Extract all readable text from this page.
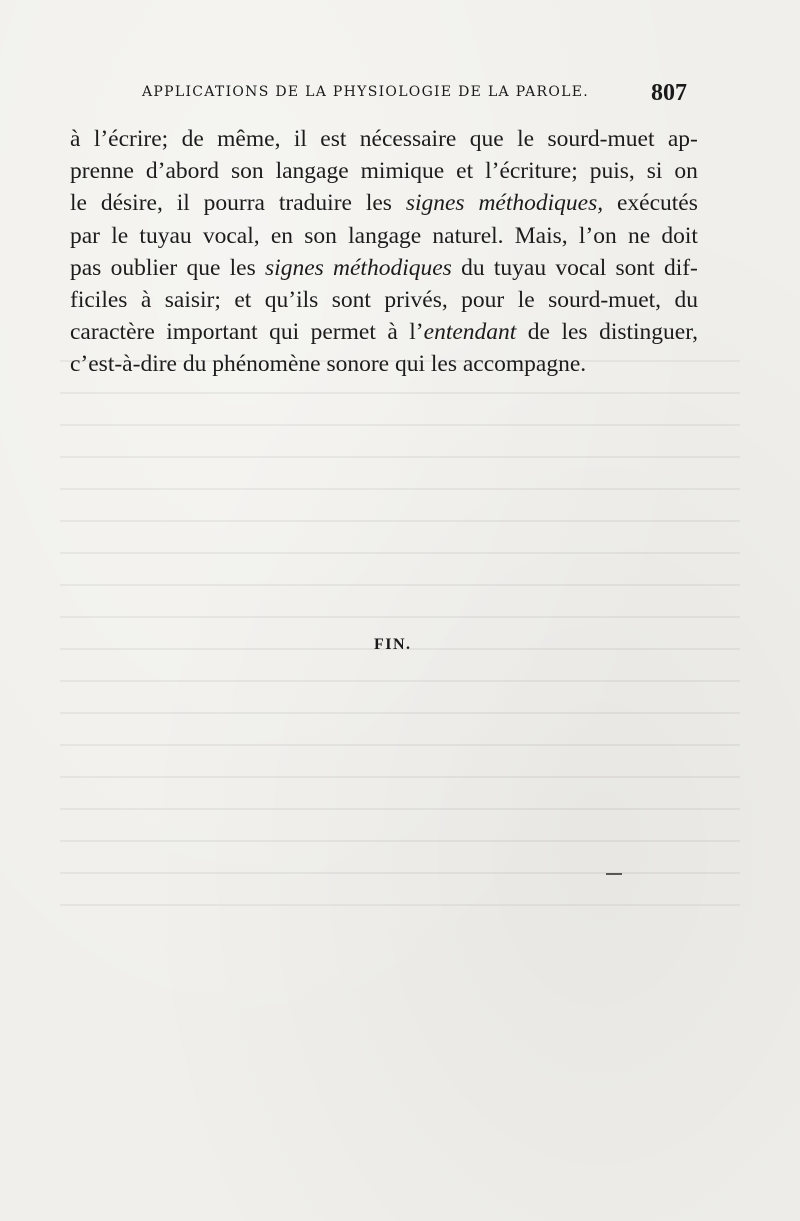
APPLICATIONS DE LA PHYSIOLOGIE DE LA PAROLE.	807
à l’écrire; de même, il est nécessaire que le sourd-muet ap-
prenne d’abord son langage mimique et l’écriture; puis, si on
le désire, il pourra traduire les signes méthodiques, exécutés
par le tuyau vocal, en son langage naturel. Mais, l’on ne doit
pas oublier que les signes méthodiques du tuyau vocal sont dif-
ficiles à saisir; et qu’ils sont privés, pour le sourd-muet, du
caractère important qui permet à l’entendant de les distinguer,
c’est-à-dire
du
phénomène
sonore
qui
les
accompagne.
FIN.
